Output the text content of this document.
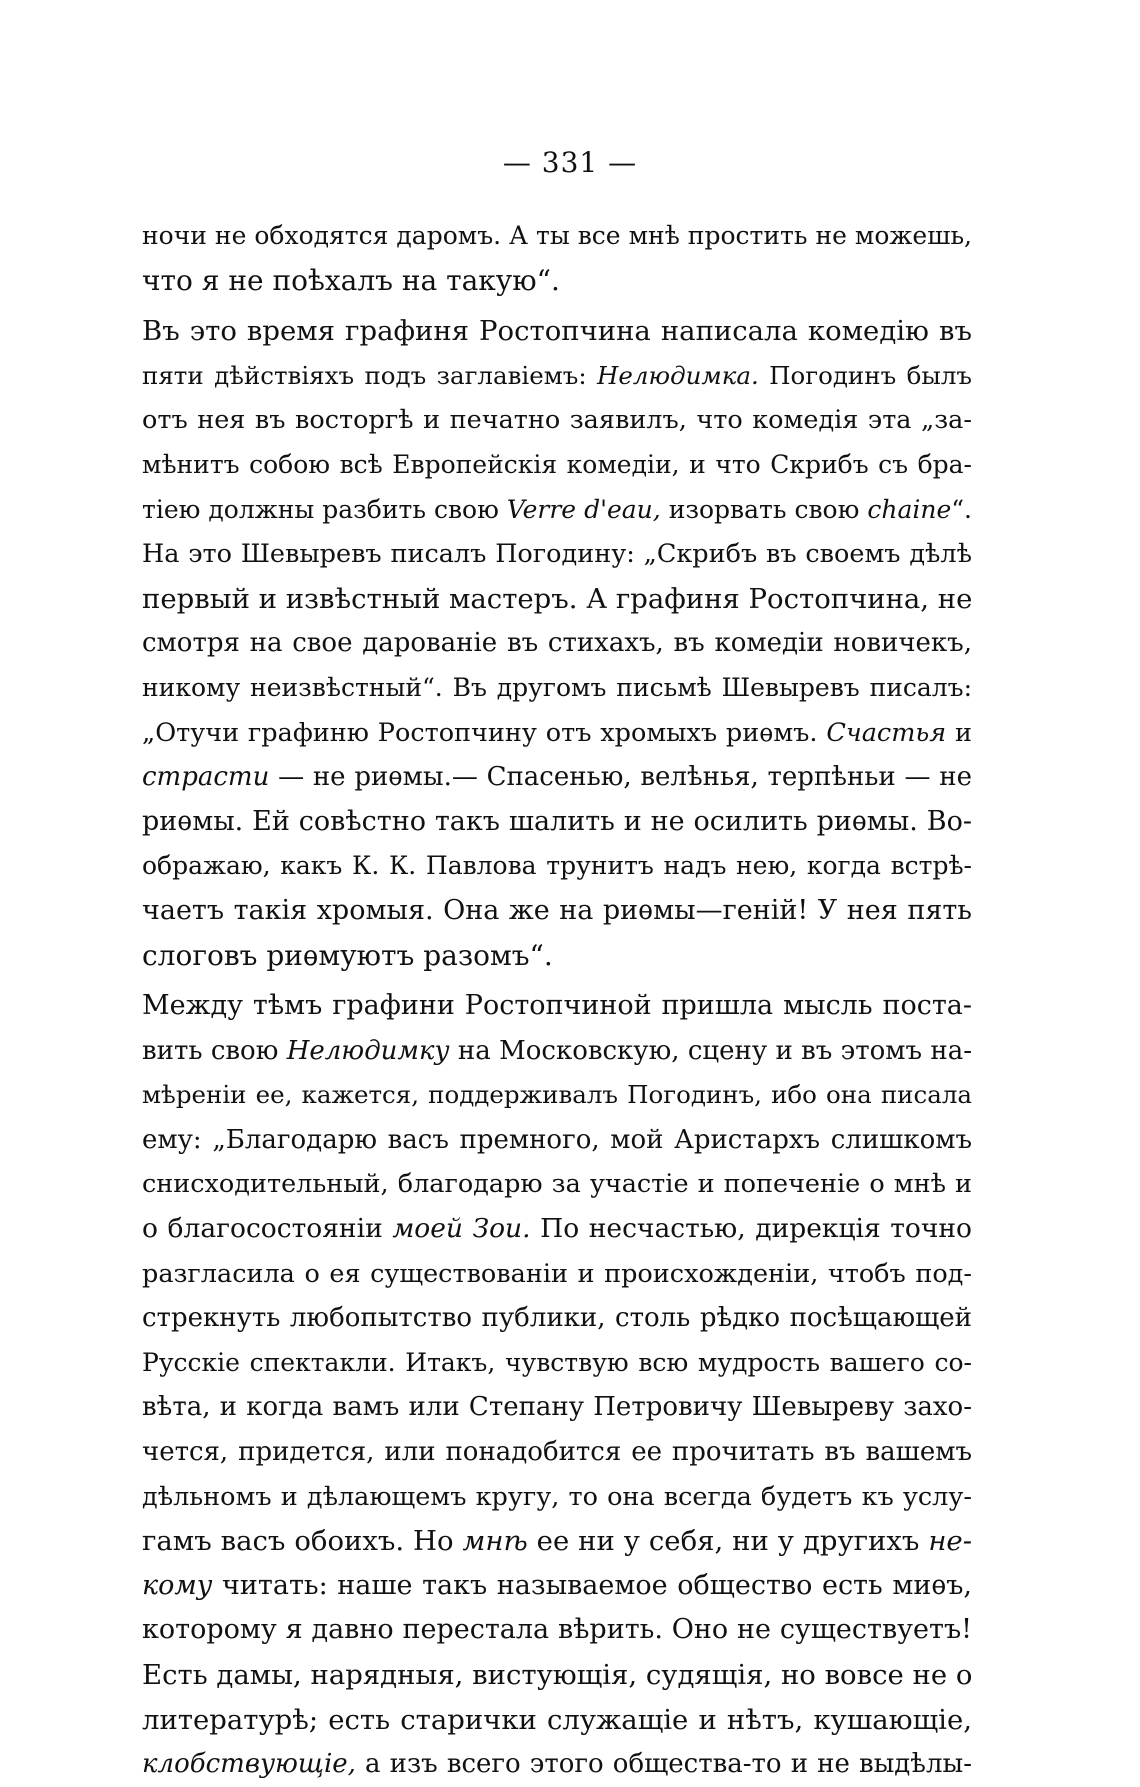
— 331 —
ночи не обходятся даромъ. А ты все мнѣ простить не можешь,
что я не поѣхалъ на такую“.
Въ это время графиня Ростопчина написала комедію въ
пяти дѣйствіяхъ подъ заглавіемъ: Нелюдимка. Погодинъ былъ
отъ нея въ восторгѣ и печатно заявилъ, что комедія эта „за-
мѣнитъ собою всѣ Европейскія комедіи, и что Скрибъ съ бра-
тіею должны разбить свою Verre d'eau, изорвать свою chaine“.
На это Шевыревъ писалъ Погодину: „Скрибъ въ своемъ дѣлѣ
первый и извѣстный мастеръ. А графиня Ростопчина, не
смотря на свое дарованіе въ стихахъ, въ комедіи новичекъ,
никому неизвѣстный“. Въ другомъ письмѣ Шевыревъ писалъ:
„Отучи графиню Ростопчину отъ хромыхъ риѳмъ. Счастья и
страсти — не риѳмы.— Спасенью, велѣнья, терпѣньи — не
риѳмы. Ей совѣстно такъ шалить и не осилить риѳмы. Во-
ображаю, какъ К. К. Павлова трунитъ надъ нею, когда встрѣ-
чаетъ такія хромыя. Она же на риѳмы—геній! У нея пять
слоговъ риѳмуютъ разомъ“.
Между тѣмъ графини Ростопчиной пришла мысль поста-
вить свою Нелюдимку на Московскую, сцену и въ этомъ на-
мѣреніи ее, кажется, поддерживалъ Погодинъ, ибо она писала
ему: „Благодарю васъ премного, мой Аристархъ слишкомъ
снисходительный, благодарю за участіе и попеченіе о мнѣ и
о благосостояніи моей Зои. По несчастью, дирекція точно
разгласила о ея существованіи и происхожденіи, чтобъ под-
стрекнуть любопытство публики, столь рѣдко посѣщающей
Русскіе спектакли. Итакъ, чувствую всю мудрость вашего со-
вѣта, и когда вамъ или Степану Петровичу Шевыреву захо-
чется, придется, или понадобится ее прочитать въ вашемъ
дѣльномъ и дѣлающемъ кругу, то она всегда будетъ къ услу-
гамъ васъ обоихъ. Но мнѣ ее ни у себя, ни у другихъ не-
кому читать: наше такъ называемое общество есть миѳъ,
которому я давно перестала вѣрить. Оно не существуетъ!
Есть дамы, нарядныя, вистующія, судящія, но вовсе не о
литературѣ; есть старички служащіе и нѣтъ, кушающіе,
клобствующіе, а изъ всего этого общества-то и не выдѣлы-
